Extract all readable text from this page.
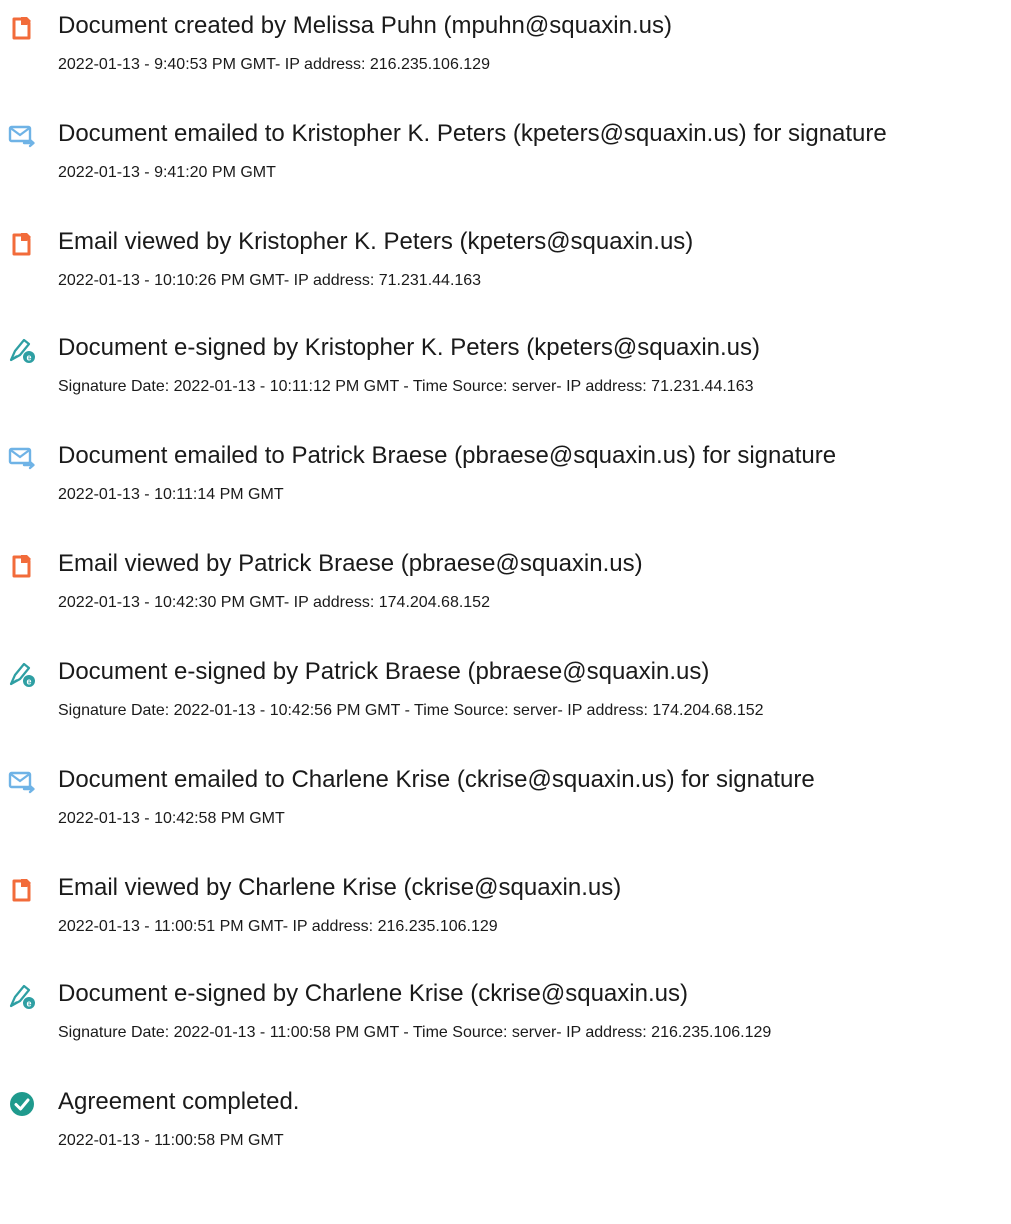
Document created by Melissa Puhn (mpuhn@squaxin.us)
2022-01-13 - 9:40:53 PM GMT- IP address: 216.235.106.129
Document emailed to Kristopher K. Peters (kpeters@squaxin.us) for signature
2022-01-13 - 9:41:20 PM GMT
Email viewed by Kristopher K. Peters (kpeters@squaxin.us)
2022-01-13 - 10:10:26 PM GMT- IP address: 71.231.44.163
e Document e-signed by Kristopher K. Peters (kpeters@squaxin.us)
Signature Date: 2022-01-13 - 10:11:12 PM GMT - Time Source: server- IP address: 71.231.44.163
Document emailed to Patrick Braese (pbraese@squaxin.us) for signature
2022-01-13 - 10:11:14 PM GMT
Email viewed by Patrick Braese (pbraese@squaxin.us)
2022-01-13 - 10:42:30 PM GMT- IP address: 174.204.68.152
e Document e-signed by Patrick Braese (pbraese@squaxin.us)
Signature Date: 2022-01-13 - 10:42:56 PM GMT - Time Source: server- IP address: 174.204.68.152
Document emailed to Charlene Krise (ckrise@squaxin.us) for signature
2022-01-13 - 10:42:58 PM GMT
Email viewed by Charlene Krise (ckrise@squaxin.us)
2022-01-13 - 11:00:51 PM GMT- IP address: 216.235.106.129
e Document e-signed by Charlene Krise (ckrise@squaxin.us)
Signature Date: 2022-01-13 - 11:00:58 PM GMT - Time Source: server- IP address: 216.235.106.129
Agreement completed.
2022-01-13 - 11:00:58 PM GMT
